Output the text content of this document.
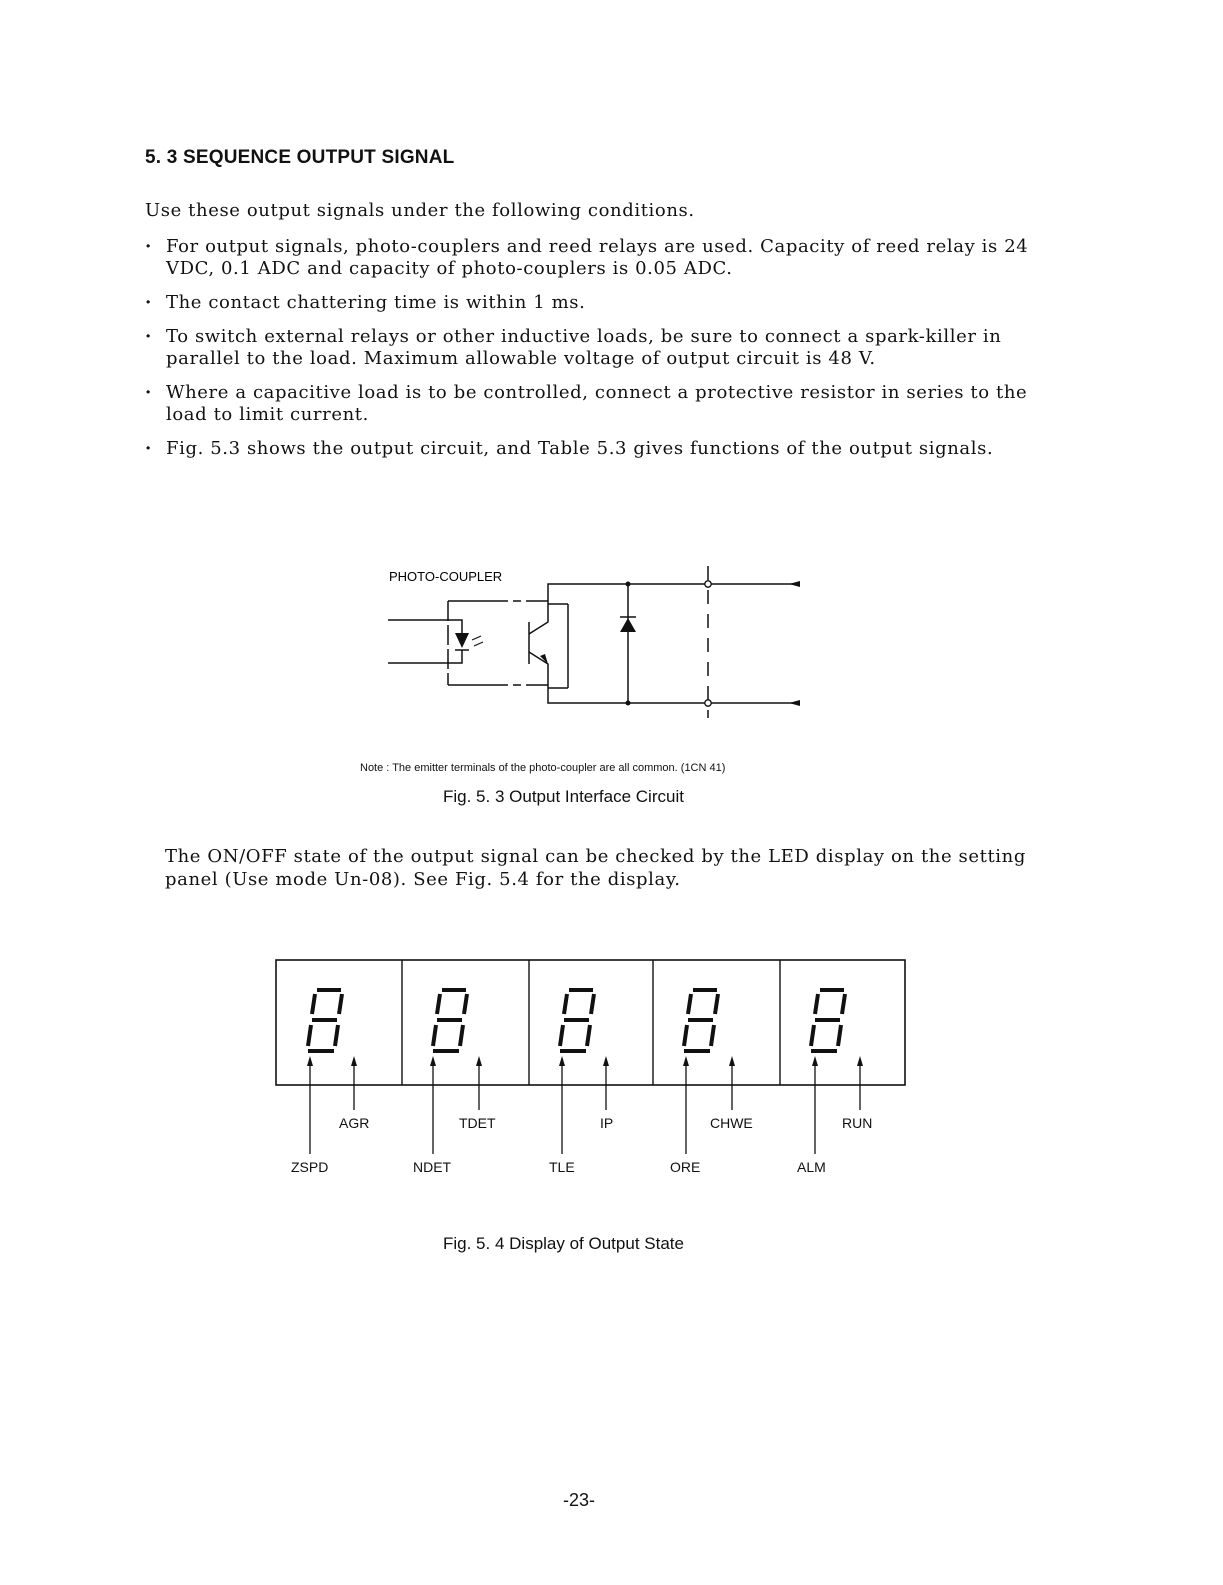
5. 3 SEQUENCE OUTPUT SIGNAL
Use these output signals under the following conditions.
· For output signals, photo-couplers and reed relays are used. Capacity of reed relay is 24 VDC, 0.1 ADC and capacity of photo-couplers is 0.05 ADC.
· The contact chattering time is within 1 ms.
· To switch external relays or other inductive loads, be sure to connect a spark-killer in parallel to the load. Maximum allowable voltage of output circuit is 48 V.
· Where a capacitive load is to be controlled, connect a protective resistor in series to the load to limit current.
· Fig. 5.3 shows the output circuit, and Table 5.3 gives functions of the output signals.
PHOTO-COUPLER
Note : The emitter terminals of the photo-coupler are all common. (1CN 41)
Fig. 5. 3 Output Interface Circuit
The ON/OFF state of the output signal can be checked by the LED display on the setting panel (Use mode Un-08). See Fig. 5.4 for the display.
AGR	TDET	IP	CHWE	RUN
ZSPD	NDET	TLE	ORE	ALM
Fig. 5. 4 Display of Output State
-23-
